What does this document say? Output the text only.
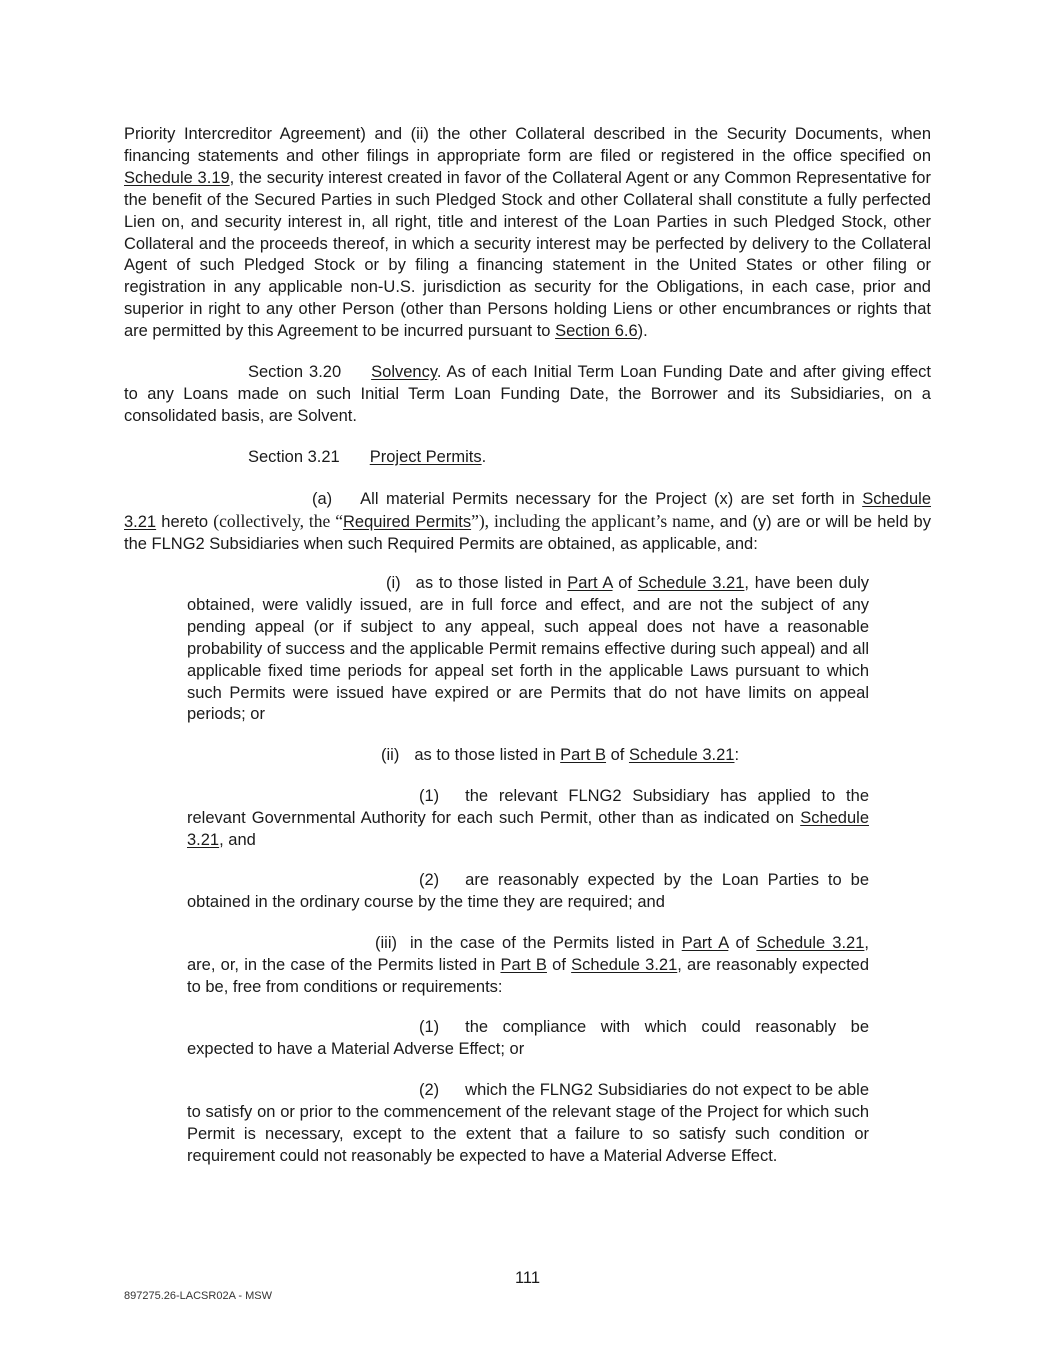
Priority Intercreditor Agreement) and (ii) the other Collateral described in the Security Documents, when financing statements and other filings in appropriate form are filed or registered in the office specified on Schedule 3.19, the security interest created in favor of the Collateral Agent or any Common Representative for the benefit of the Secured Parties in such Pledged Stock and other Collateral shall constitute a fully perfected Lien on, and security interest in, all right, title and interest of the Loan Parties in such Pledged Stock, other Collateral and the proceeds thereof, in which a security interest may be perfected by delivery to the Collateral Agent of such Pledged Stock or by filing a financing statement in the United States or other filing or registration in any applicable non-U.S. jurisdiction as security for the Obligations, in each case, prior and superior in right to any other Person (other than Persons holding Liens or other encumbrances or rights that are permitted by this Agreement to be incurred pursuant to Section 6.6).

Section 3.20 Solvency. As of each Initial Term Loan Funding Date and after giving effect to any Loans made on such Initial Term Loan Funding Date, the Borrower and its Subsidiaries, on a consolidated basis, are Solvent.

Section 3.21 Project Permits.

(a) All material Permits necessary for the Project (x) are set forth in Schedule 3.21 hereto (collectively, the “Required Permits”), including the applicant’s name, and (y) are or will be held by the FLNG2 Subsidiaries when such Required Permits are obtained, as applicable, and:

(i) as to those listed in Part A of Schedule 3.21, have been duly obtained, were validly issued, are in full force and effect, and are not the subject of any pending appeal (or if subject to any appeal, such appeal does not have a reasonable probability of success and the applicable Permit remains effective during such appeal) and all applicable fixed time periods for appeal set forth in the applicable Laws pursuant to which such Permits were issued have expired or are Permits that do not have limits on appeal periods; or

(ii) as to those listed in Part B of Schedule 3.21:

(1) the relevant FLNG2 Subsidiary has applied to the relevant Governmental Authority for each such Permit, other than as indicated on Schedule 3.21, and

(2) are reasonably expected by the Loan Parties to be obtained in the ordinary course by the time they are required; and

(iii) in the case of the Permits listed in Part A of Schedule 3.21, are, or, in the case of the Permits listed in Part B of Schedule 3.21, are reasonably expected to be, free from conditions or requirements:

(1) the compliance with which could reasonably be expected to have a Material Adverse Effect; or

(2) which the FLNG2 Subsidiaries do not expect to be able to satisfy on or prior to the commencement of the relevant stage of the Project for which such Permit is necessary, except to the extent that a failure to so satisfy such condition or requirement could not reasonably be expected to have a Material Adverse Effect.

111
897275.26-LACSR02A - MSW
